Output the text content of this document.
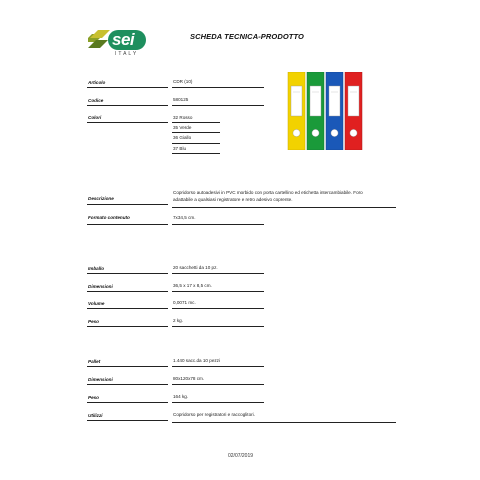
sei
ITALY
SCHEDA TECNICA-PRODOTTO
Articolo	CDR (10)
Codice	580125
Colori	32 Rosso
35 Verde
36 Giallo
37 Blu
Descrizione
Copridorso autoadesivi in PVC morbido con porta cartellino ed etichetta intercambiabile. Foro
adattabile a qualsiasi registratore e retro adesivo coprente.
Formato contenuto	7x34,5 cm.
Imballo	20 sacchetti da 10 pz.
Dimensioni	36,5 x 17 x 8,5 cm.
Volume	0,0071 mc.
Peso	2 kg.
Pallet	1.440 sacc.da 10 pezzi
Dimensioni	80x120x78 cm.
Peso	164 kg.
Utilizzi	Copridorso per registratori e raccoglitori.
02/07/2019
